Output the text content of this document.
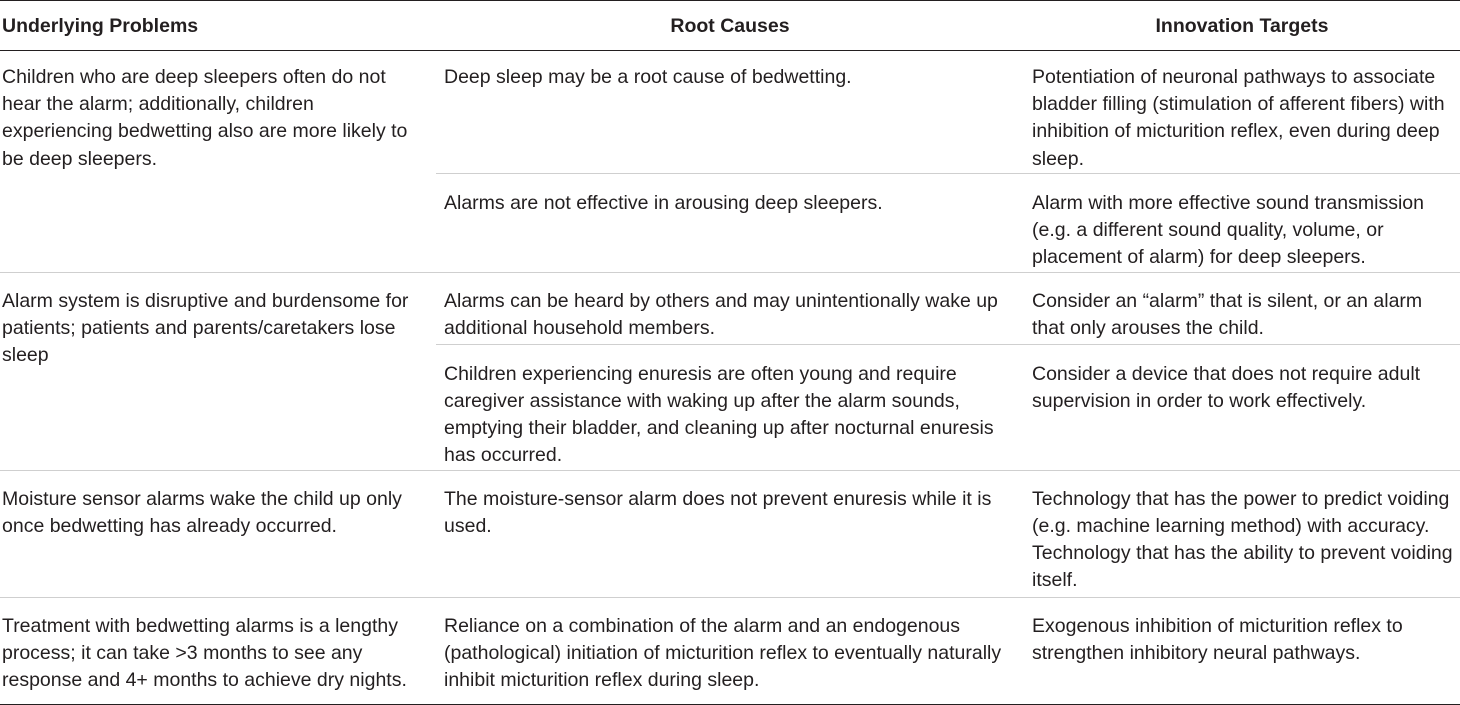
Underlying Problems	Root Causes	Innovation Targets
Children who are deep sleepers often do not hear the alarm; additionally, children experiencing bedwetting also are more likely to be deep sleepers.	Deep sleep may be a root cause of bedwetting.	Potentiation of neuronal pathways to associate bladder filling (stimulation of afferent fibers) with inhibition of micturition reflex, even during deep sleep.
	Alarms are not effective in arousing deep sleepers.	Alarm with more effective sound transmission (e.g. a different sound quality, volume, or placement of alarm) for deep sleepers.
Alarm system is disruptive and burdensome for patients; patients and parents/caretakers lose sleep	Alarms can be heard by others and may unintentionally wake up additional household members.	Consider an “alarm” that is silent, or an alarm that only arouses the child.
	Children experiencing enuresis are often young and require caregiver assistance with waking up after the alarm sounds, emptying their bladder, and cleaning up after nocturnal enuresis has occurred.	Consider a device that does not require adult supervision in order to work effectively.
Moisture sensor alarms wake the child up only once bedwetting has already occurred.	The moisture-sensor alarm does not prevent enuresis while it is used.	Technology that has the power to predict voiding (e.g. machine learning method) with accuracy. Technology that has the ability to prevent voiding itself.
Treatment with bedwetting alarms is a lengthy process; it can take >3 months to see any response and 4+ months to achieve dry nights.	Reliance on a combination of the alarm and an endogenous (pathological) initiation of micturition reflex to eventually naturally inhibit micturition reflex during sleep.	Exogenous inhibition of micturition reflex to strengthen inhibitory neural pathways.
